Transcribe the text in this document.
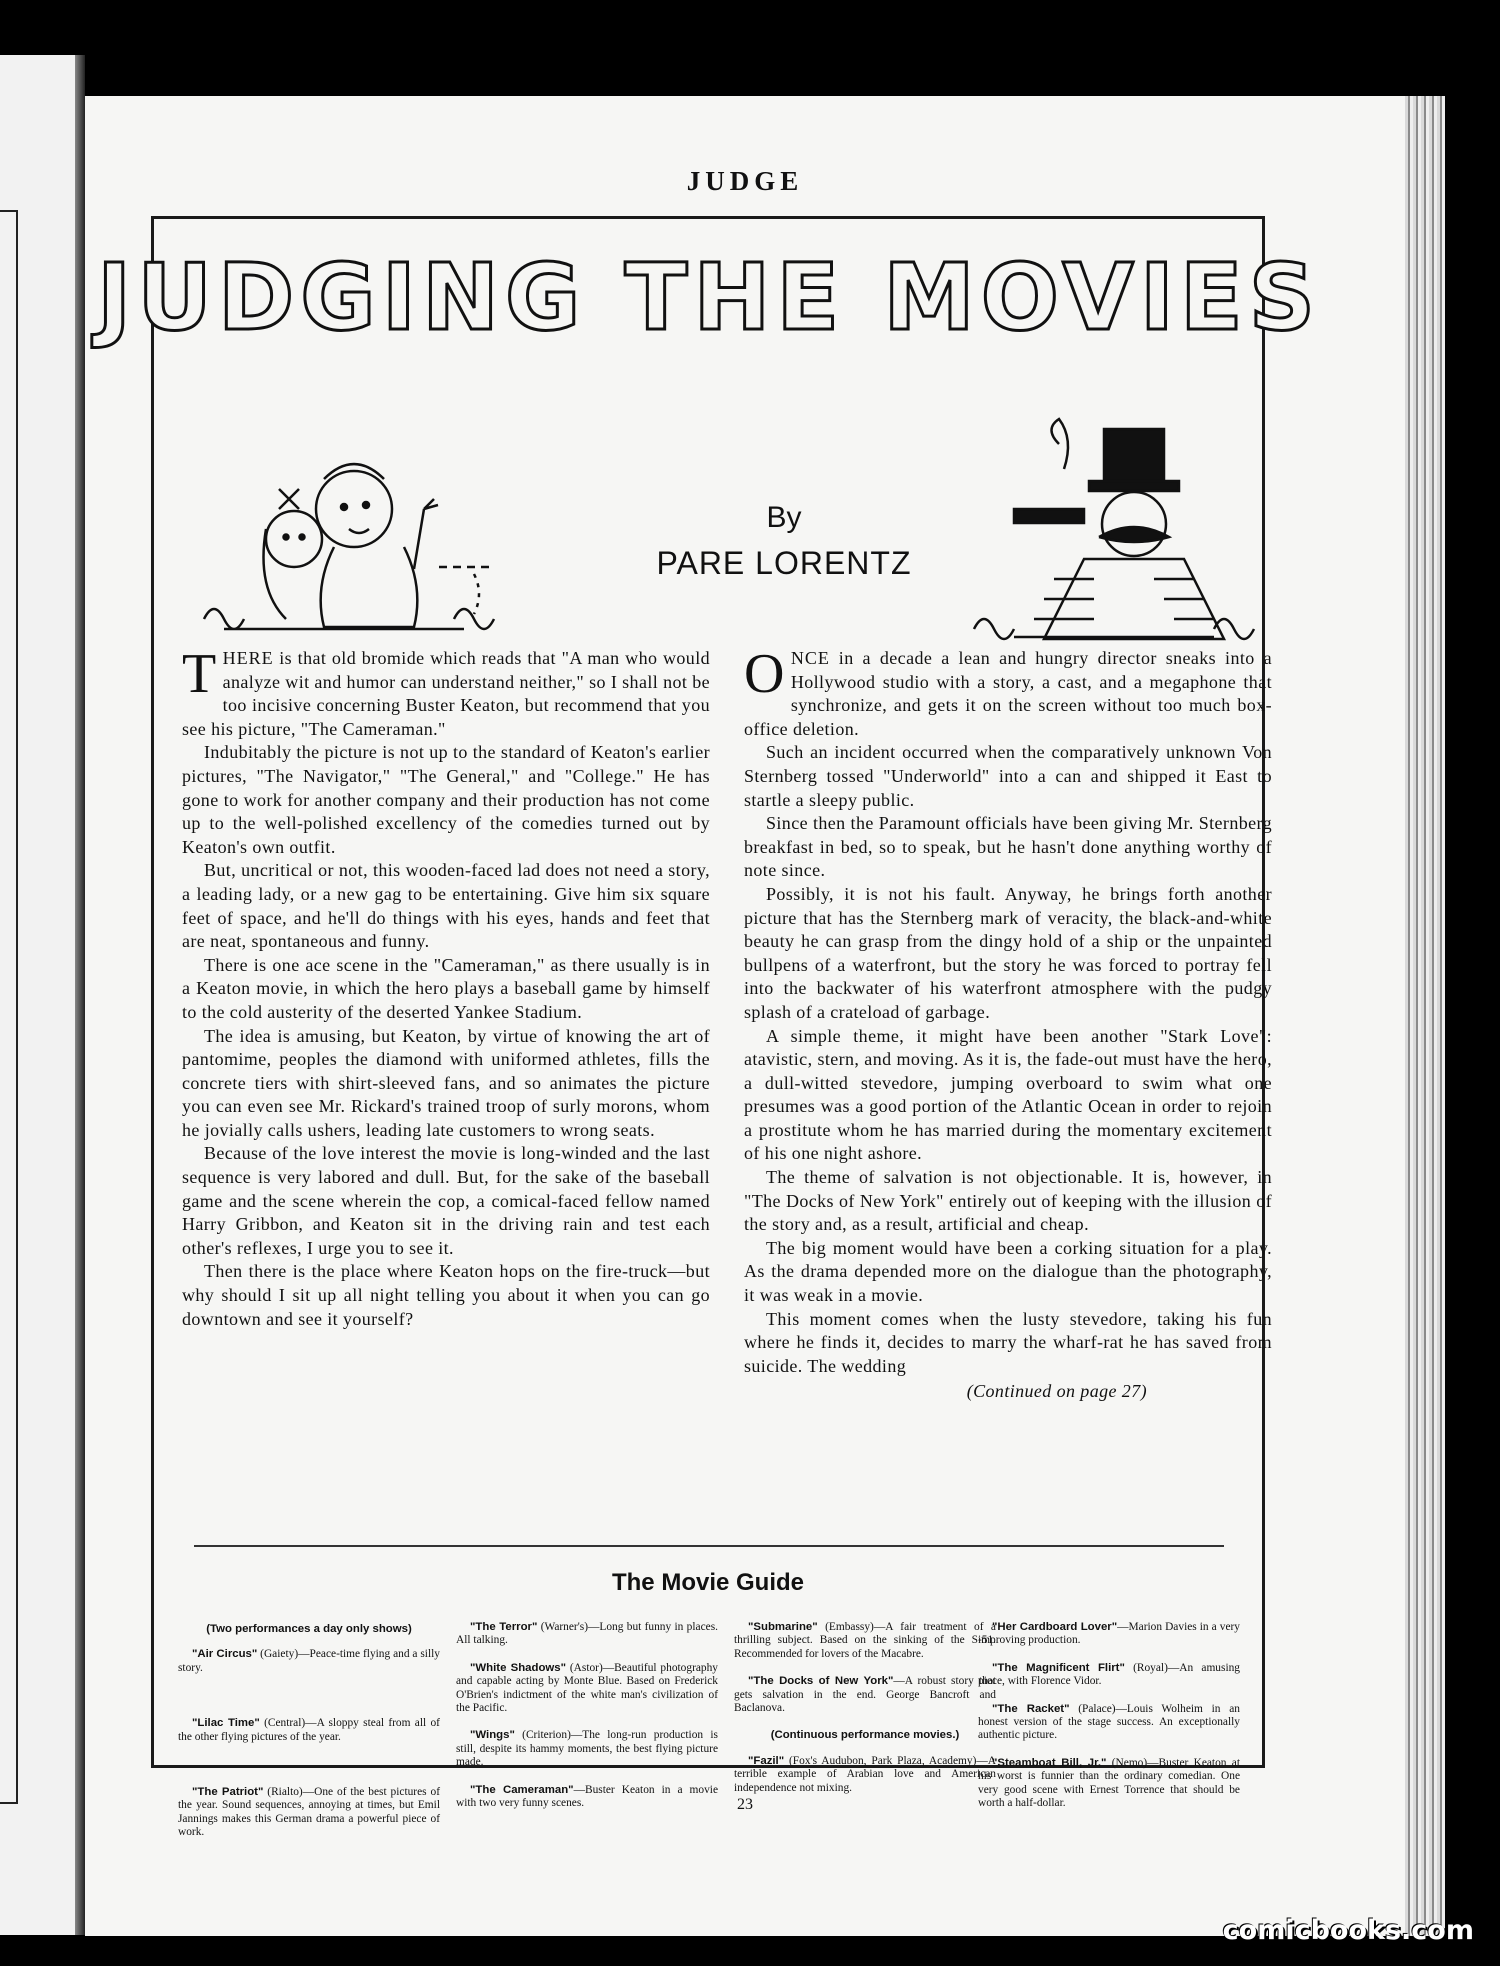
JUDGE
JUDGING THE MOVIES
By
PARE LORENTZ

THERE is that old bromide which reads that "A man who would analyze wit and humor can understand neither," so I shall not be too incisive concerning Buster Keaton, but recommend that you see his picture, "The Cameraman."

Indubitably the picture is not up to the standard of Keaton's earlier pictures, "The Navigator," "The General," and "College." He has gone to work for another company and their production has not come up to the well-polished excellency of the comedies turned out by Keaton's own outfit.

But, uncritical or not, this wooden-faced lad does not need a story, a leading lady, or a new gag to be entertaining. Give him six square feet of space, and he'll do things with his eyes, hands and feet that are neat, spontaneous and funny.

There is one ace scene in the "Cameraman," as there usually is in a Keaton movie, in which the hero plays a baseball game by himself to the cold austerity of the deserted Yankee Stadium.

The idea is amusing, but Keaton, by virtue of knowing the art of pantomime, peoples the diamond with uniformed athletes, fills the concrete tiers with shirt-sleeved fans, and so animates the picture you can even see Mr. Rickard's trained troop of surly morons, whom he jovially calls ushers, leading late customers to wrong seats.

Because of the love interest the movie is long-winded and the last sequence is very labored and dull. But, for the sake of the baseball game and the scene wherein the cop, a comical-faced fellow named Harry Gribbon, and Keaton sit in the driving rain and test each other's reflexes, I urge you to see it.

Then there is the place where Keaton hops on the fire-truck—but why should I sit up all night telling you about it when you can go downtown and see it yourself?

ONCE in a decade a lean and hungry director sneaks into a Hollywood studio with a story, a cast, and a megaphone that synchronize, and gets it on the screen without too much box-office deletion.

Such an incident occurred when the comparatively unknown Von Sternberg tossed "Underworld" into a can and shipped it East to startle a sleepy public.

Since then the Paramount officials have been giving Mr. Sternberg breakfast in bed, so to speak, but he hasn't done anything worthy of note since.

Possibly, it is not his fault. Anyway, he brings forth another picture that has the Sternberg mark of veracity, the black-and-white beauty he can grasp from the dingy hold of a ship or the unpainted bullpens of a waterfront, but the story he was forced to portray fell into the backwater of his waterfront atmosphere with the pudgy splash of a crateload of garbage.

A simple theme, it might have been another "Stark Love": atavistic, stern, and moving. As it is, the fade-out must have the hero, a dull-witted stevedore, jumping overboard to swim what one presumes was a good portion of the Atlantic Ocean in order to rejoin a prostitute whom he has married during the momentary excitement of his one night ashore.

The theme of salvation is not objectionable. It is, however, in "The Docks of New York" entirely out of keeping with the illusion of the story and, as a result, artificial and cheap.

The big moment would have been a corking situation for a play. As the drama depended more on the dialogue than the photography, it was weak in a movie.

This moment comes when the lusty stevedore, taking his fun where he finds it, decides to marry the wharf-rat he has saved from suicide. The wedding

(Continued on page 27)
The Movie Guide
(Two performances a day only shows)
"Air Circus" (Gaiety)—Peace-time flying and a silly story.
"Lilac Time" (Central)—A sloppy steal from all of the other flying pictures of the year.
"The Patriot" (Rialto)—One of the best pictures of the year. Sound sequences, annoying at times, but Emil Jannings makes this German drama a powerful piece of work.
"The Terror" (Warner's)—Long but funny in places. All talking.
"White Shadows" (Astor)—Beautiful photography and capable acting by Monte Blue. Based on Frederick O'Brien's indictment of the white man's civilization of the Pacific.
"Wings" (Criterion)—The long-run production is still, despite its hammy moments, the best flying picture made.
"The Cameraman"—Buster Keaton in a movie with two very funny scenes.
"Submarine" (Embassy)—A fair treatment of a thrilling subject. Based on the sinking of the S-51. Recommended for lovers of the Macabre.
"The Docks of New York"—A robust story that gets salvation in the end. George Bancroft and Baclanova.
(Continuous performance movies.)
"Fazil" (Fox's Audubon, Park Plaza, Academy)—A terrible example of Arabian love and American independence not mixing.
"Her Cardboard Lover"—Marion Davies in a very improving production.
"The Magnificent Flirt" (Royal)—An amusing piece, with Florence Vidor.
"The Racket" (Palace)—Louis Wolheim in an honest version of the stage success. An exceptionally authentic picture.
"Steamboat Bill, Jr." (Nemo)—Buster Keaton at his worst is funnier than the ordinary comedian. One very good scene with Ernest Torrence that should be worth a half-dollar.
23
comicbooks.com
